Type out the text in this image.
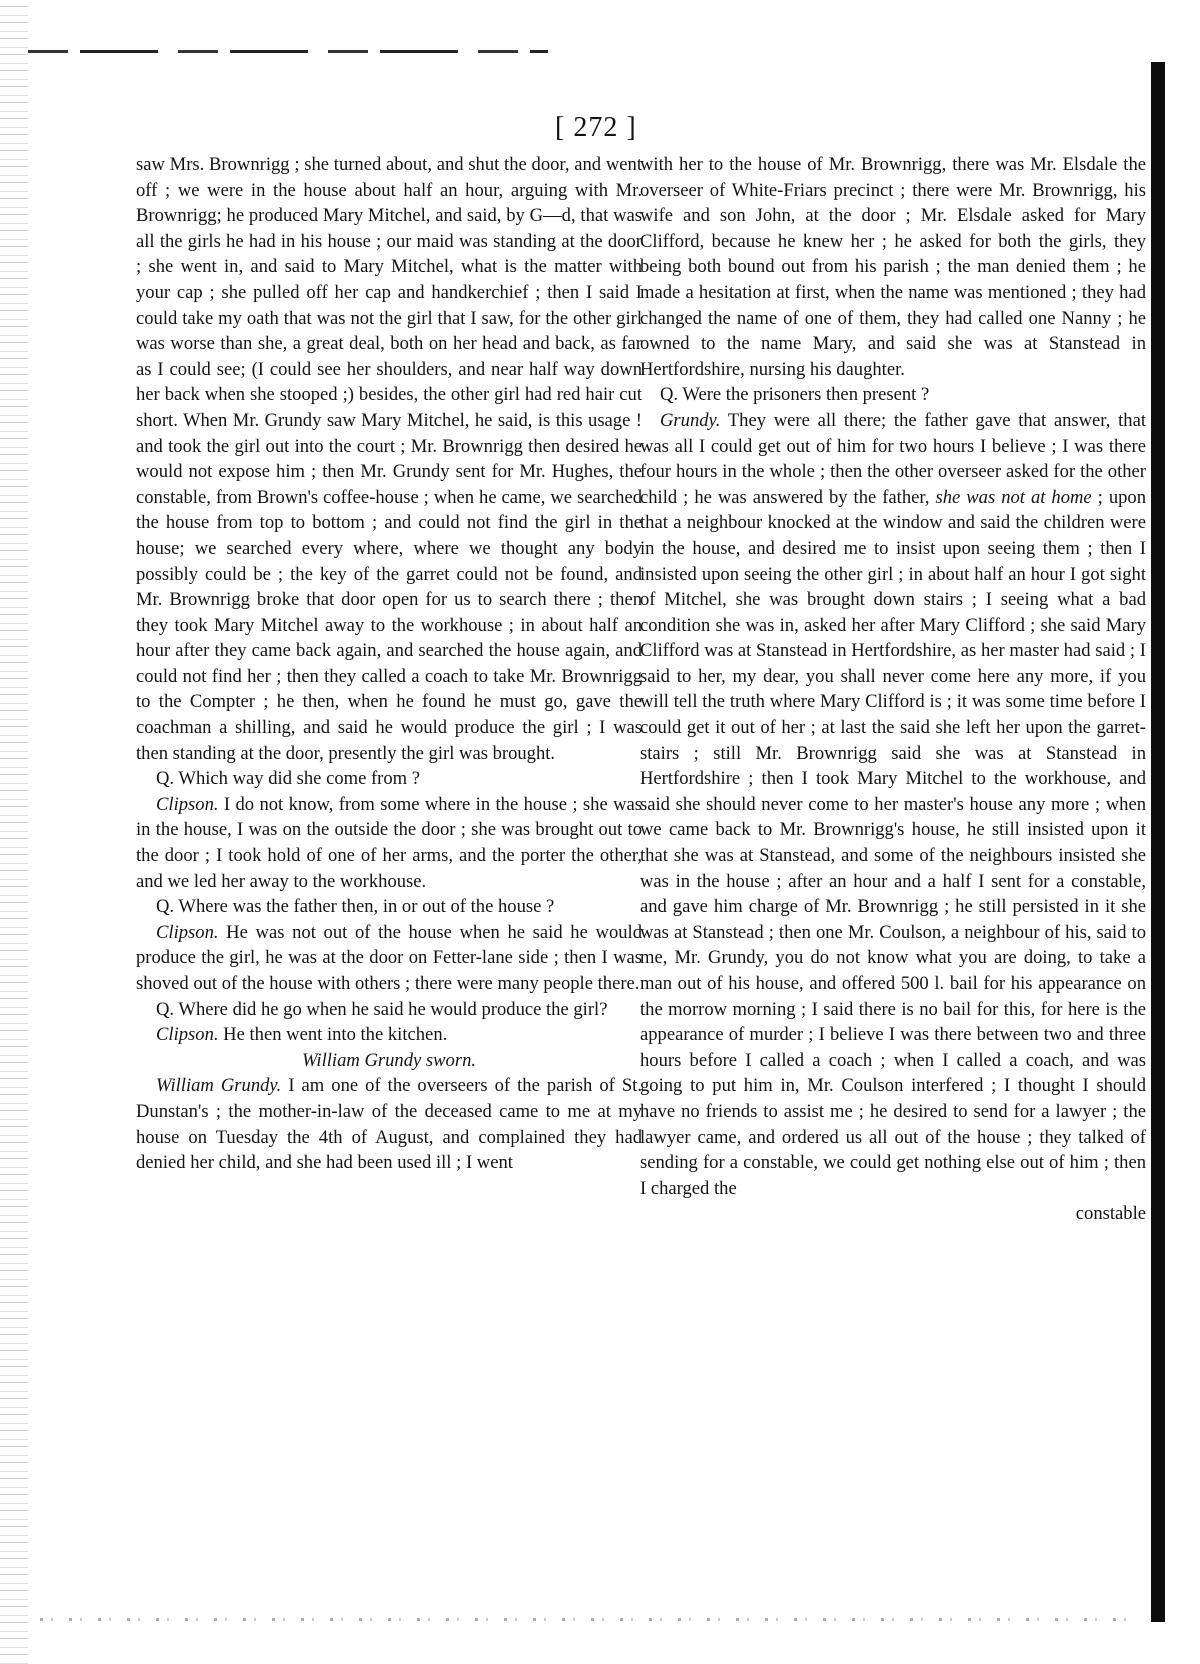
[ 272 ]

saw Mrs. Brownrigg ; she turned about, and shut the door, and went off ; we were in the house about half an hour, arguing with Mr. Brownrigg; he produced Mary Mitchel, and said, by G—d, that was all the girls he had in his house ; our maid was standing at the door ; she went in, and said to Mary Mitchel, what is the matter with your cap ; she pulled off her cap and handkerchief ; then I said I could take my oath that was not the girl that I saw, for the other girl was worse than she, a great deal, both on her head and back, as far as I could see; (I could see her shoulders, and near half way down her back when she stooped ;) besides, the other girl had red hair cut short. When Mr. Grundy saw Mary Mitchel, he said, is this usage ! and took the girl out into the court ; Mr. Brownrigg then desired he would not expose him ; then Mr. Grundy sent for Mr. Hughes, the constable, from Brown's coffee-house ; when he came, we searched the house from top to bottom ; and could not find the girl in the house; we searched every where, where we thought any body possibly could be ; the key of the garret could not be found, and Mr. Brownrigg broke that door open for us to search there ; then they took Mary Mitchel away to the workhouse ; in about half an hour after they came back again, and searched the house again, and could not find her ; then they called a coach to take Mr. Brownrigg to the Compter ; he then, when he found he must go, gave the coachman a shilling, and said he would produce the girl ; I was then standing at the door, presently the girl was brought.

Q. Which way did she come from ?

Clipson. I do not know, from some where in the house ; she was in the house, I was on the outside the door ; she was brought out to the door ; I took hold of one of her arms, and the porter the other, and we led her away to the workhouse.

Q. Where was the father then, in or out of the house ?

Clipson. He was not out of the house when he said he would produce the girl, he was at the door on Fetter-lane side ; then I was shoved out of the house with others ; there were many people there.

Q. Where did he go when he said he would produce the girl?

Clipson. He then went into the kitchen.

William Grundy sworn.

William Grundy. I am one of the overseers of the parish of St. Dunstan's ; the mother-in-law of the deceased came to me at my house on Tuesday the 4th of August, and complained they had denied her child, and she had been used ill ; I went

with her to the house of Mr. Brownrigg, there was Mr. Elsdale the overseer of White-Friars precinct ; there were Mr. Brownrigg, his wife and son John, at the door ; Mr. Elsdale asked for Mary Clifford, because he knew her ; he asked for both the girls, they being both bound out from his parish ; the man denied them ; he made a hesitation at first, when the name was mentioned ; they had changed the name of one of them, they had called one Nanny ; he owned to the name Mary, and said she was at Stanstead in Hertfordshire, nursing his daughter.

Q. Were the prisoners then present ?

Grundy. They were all there; the father gave that answer, that was all I could get out of him for two hours I believe ; I was there four hours in the whole ; then the other overseer asked for the other child ; he was answered by the father, she was not at home ; upon that a neighbour knocked at the window and said the children were in the house, and desired me to insist upon seeing them ; then I insisted upon seeing the other girl ; in about half an hour I got sight of Mitchel, she was brought down stairs ; I seeing what a bad condition she was in, asked her after Mary Clifford ; she said Mary Clifford was at Stanstead in Hertfordshire, as her master had said ; I said to her, my dear, you shall never come here any more, if you will tell the truth where Mary Clifford is ; it was some time before I could get it out of her ; at last the said she left her upon the garret-stairs ; still Mr. Brownrigg said she was at Stanstead in Hertfordshire ; then I took Mary Mitchel to the workhouse, and said she should never come to her master's house any more ; when we came back to Mr. Brownrigg's house, he still insisted upon it that she was at Stanstead, and some of the neighbours insisted she was in the house ; after an hour and a half I sent for a constable, and gave him charge of Mr. Brownrigg ; he still persisted in it she was at Stanstead ; then one Mr. Coulson, a neighbour of his, said to me, Mr. Grundy, you do not know what you are doing, to take a man out of his house, and offered 500 l. bail for his appearance on the morrow morning ; I said there is no bail for this, for here is the appearance of murder ; I believe I was there between two and three hours before I called a coach ; when I called a coach, and was going to put him in, Mr. Coulson interfered ; I thought I should have no friends to assist me ; he desired to send for a lawyer ; the lawyer came, and ordered us all out of the house ; they talked of sending for a constable, we could get nothing else out of him ; then I charged the

constable
